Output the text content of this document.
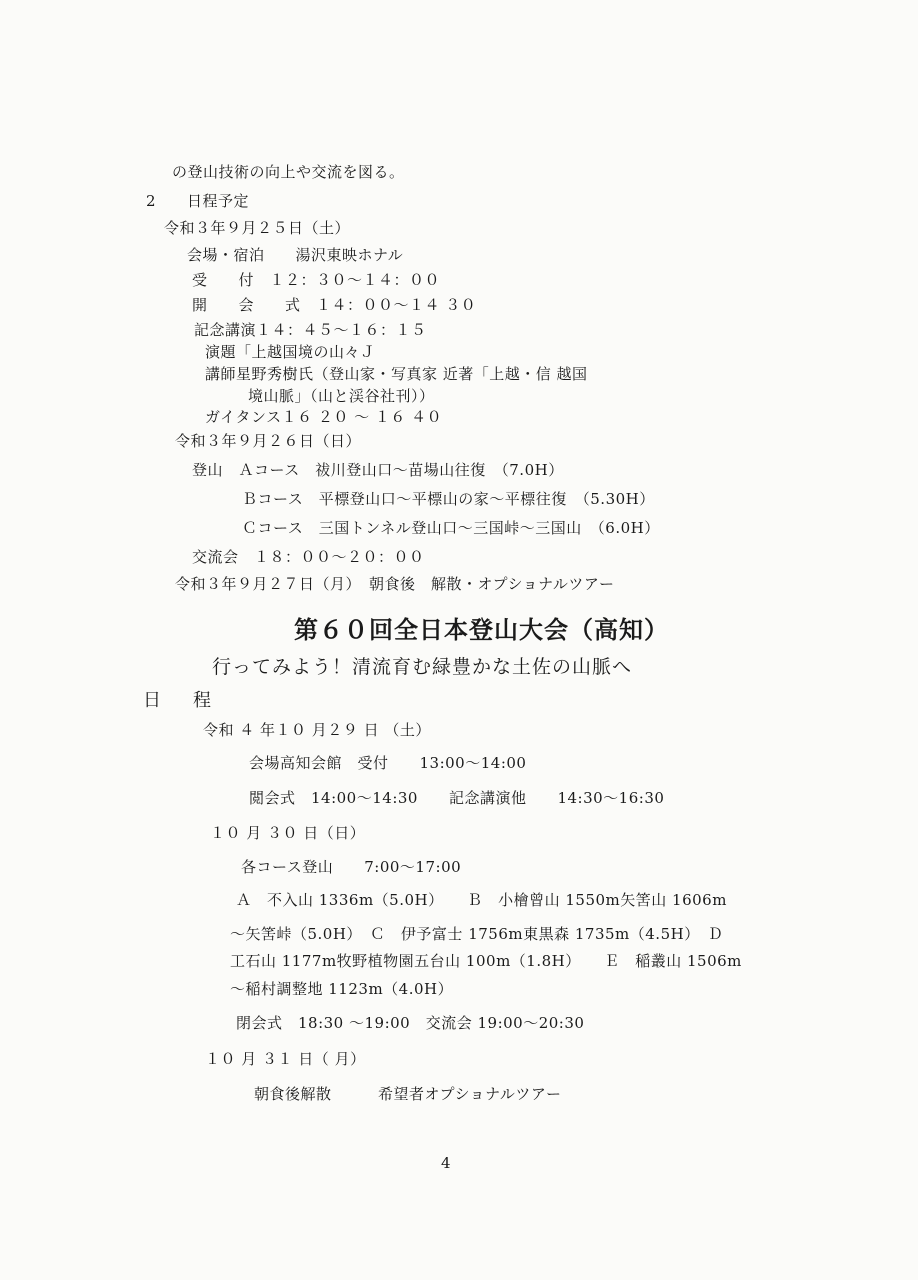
の登山技術の向上や交流を図る。
2　　日程予定
令和３年９月２５日（土）
会場・宿泊　　湯沢東映ホナル
受　　付　１２：３０〜１４：００
開　　会　　式　１４：００〜１４ ３０
記念講演１４：４５〜１６：１５
演題「上越国境の山々Ｊ
講師星野秀樹氏（登山家・写真家 近著「上越・信 越国
境山脈」（山と渓谷社刊））
ガイタンス１６ ２０ 〜 １６ ４０
令和３年９月２６日（日）
登山　Ａコース　祓川登山口〜苗場山往復　（7.0H）
Ｂコース　平標登山口〜平標山の家〜平標往復　（5.30H）
Ｃコース　三国トンネル登山口〜三国峠〜三国山　（6.0H）
交流会　１８：００〜２０：００
令和３年９月２７日（月）　朝食後　解散・オプショナルツアー
第６０回全日本登山大会（高知）
行ってみよう！清流育む緑豊かな土佐の山脈へ
日 程
令和 ４ 年１０ 月２９ 日 （土）
会場高知会館　受付　　13:00〜14:00
閲会式　14:00〜14:30　　記念講演他　　14:30〜16:30
１０ 月 ３０ 日（日）
各コース登山　　7:00〜17:00
Ａ　不入山 1336m（5.0H）　　Ｂ　小檜曾山 1550m矢筈山 1606m
〜矢筈峠（5.0H）　Ｃ　伊予富士 1756m東黒森 1735m（4.5H）　Ｄ
工石山 1177m牧野植物園五台山 100m（1.8H）　　Ｅ　稲叢山 1506m
〜稲村調整地 1123m（4.0H）
閉会式　18:30 〜19:00　交流会 19:00〜20:30
１０ 月 ３１ 日（ 月）
朝食後解散　　　希望者オプショナルツアー
4
